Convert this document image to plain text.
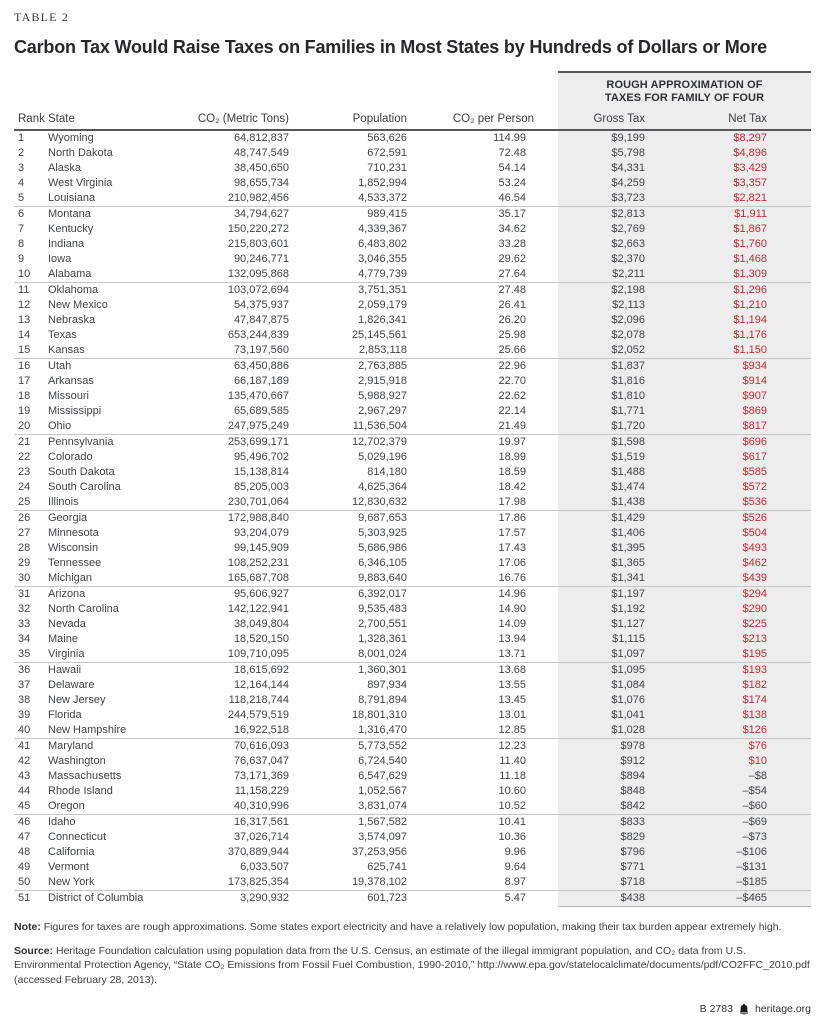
TABLE 2
Carbon Tax Would Raise Taxes on Families in Most States by Hundreds of Dollars or More

					ROUGH APPROXIMATION OF
TAXES FOR FAMILY OF FOUR	

Rank	State	CO₂ (Metric Tons)	Population	CO₂ per Person	Gross Tax	Net Tax
1	Wyoming	64,812,837	563,626	114.99	$9,199	$8,297
2	North Dakota	48,747,549	672,591	72.48	$5,798	$4,896
3	Alaska	38,450,650	710,231	54.14	$4,331	$3,429
4	West Virginia	98,655,734	1,852,994	53.24	$4,259	$3,357
5	Louisiana	210,982,456	4,533,372	46.54	$3,723	$2,821
6	Montana	34,794,627	989,415	35.17	$2,813	$1,911
7	Kentucky	150,220,272	4,339,367	34.62	$2,769	$1,867
8	Indiana	215,803,601	6,483,802	33.28	$2,663	$1,760
9	Iowa	90,246,771	3,046,355	29.62	$2,370	$1,468
10	Alabama	132,095,868	4,779,739	27.64	$2,211	$1,309
11	Oklahoma	103,072,694	3,751,351	27.48	$2,198	$1,296
12	New Mexico	54,375,937	2,059,179	26.41	$2,113	$1,210
13	Nebraska	47,847,875	1,826,341	26.20	$2,096	$1,194
14	Texas	653,244,839	25,145,561	25.98	$2,078	$1,176
15	Kansas	73,197,560	2,853,118	25.66	$2,052	$1,150
16	Utah	63,450,886	2,763,885	22.96	$1,837	$934
17	Arkansas	66,187,189	2,915,918	22.70	$1,816	$914
18	Missouri	135,470,667	5,988,927	22.62	$1,810	$907
19	Mississippi	65,689,585	2,967,297	22.14	$1,771	$869
20	Ohio	247,975,249	11,536,504	21.49	$1,720	$817
21	Pennsylvania	253,699,171	12,702,379	19.97	$1,598	$696
22	Colorado	95,496,702	5,029,196	18.99	$1,519	$617
23	South Dakota	15,138,814	814,180	18.59	$1,488	$585
24	South Carolina	85,205,003	4,625,364	18.42	$1,474	$572
25	Illinois	230,701,064	12,830,632	17.98	$1,438	$536
26	Georgia	172,988,840	9,687,653	17.86	$1,429	$526
27	Minnesota	93,204,079	5,303,925	17.57	$1,406	$504
28	Wisconsin	99,145,909	5,686,986	17.43	$1,395	$493
29	Tennessee	108,252,231	6,346,105	17.06	$1,365	$462
30	Michigan	165,687,708	9,883,640	16.76	$1,341	$439
31	Arizona	95,606,927	6,392,017	14.96	$1,197	$294
32	North Carolina	142,122,941	9,535,483	14.90	$1,192	$290
33	Nevada	38,049,804	2,700,551	14.09	$1,127	$225
34	Maine	18,520,150	1,328,361	13.94	$1,115	$213
35	Virginia	109,710,095	8,001,024	13.71	$1,097	$195
36	Hawaii	18,615,692	1,360,301	13.68	$1,095	$193
37	Delaware	12,164,144	897,934	13.55	$1,084	$182
38	New Jersey	118,218,744	8,791,894	13.45	$1,076	$174
39	Florida	244,579,519	18,801,310	13.01	$1,041	$138
40	New Hampshire	16,922,518	1,316,470	12.85	$1,028	$126
41	Maryland	70,616,093	5,773,552	12.23	$978	$76
42	Washington	76,637,047	6,724,540	11.40	$912	$10
43	Massachusetts	73,171,369	6,547,629	11.18	$894	–$8
44	Rhode Island	11,158,229	1,052,567	10.60	$848	–$54
45	Oregon	40,310,996	3,831,074	10.52	$842	–$60
46	Idaho	16,317,561	1,567,582	10.41	$833	–$69
47	Connecticut	37,026,714	3,574,097	10.36	$829	–$73
48	California	370,889,944	37,253,956	9.96	$796	–$106
49	Vermont	6,033,507	625,741	9.64	$771	–$131
50	New York	173,825,354	19,378,102	8.97	$718	–$185
51	District of Columbia	3,290,932	601,723	5.47	$438	–$465
Note: Figures for taxes are rough approximations. Some states export electricity and have a relatively low population, making their tax burden appear extremely high.
Source: Heritage Foundation calculation using population data from the U.S. Census, an estimate of the illegal immigrant population, and CO₂ data from U.S. Environmental Protection Agency, “State CO₂ Emissions from Fossil Fuel Combustion, 1990-2010,” http://www.epa.gov/statelocalclimate/documents/pdf/CO2FFC_2010.pdf (accessed February 28, 2013).
B 2783 heritage.org
